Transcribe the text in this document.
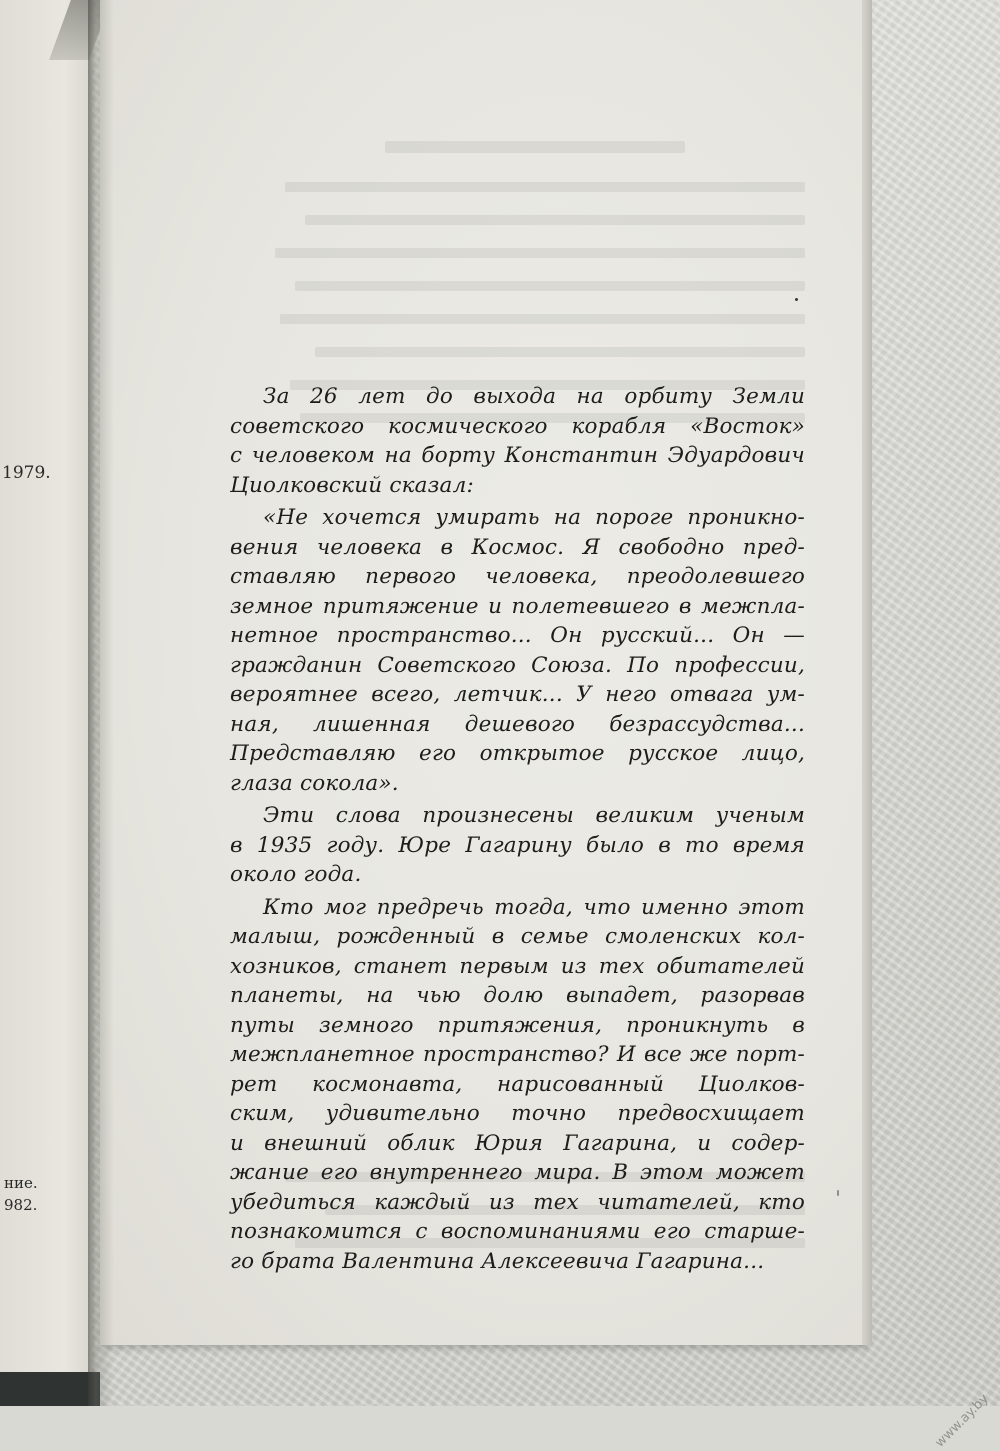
1979.
ние.
982.
За 26 лет до выхода на орбиту Земли
советского космического корабля «Восток»
с человеком на борту Константин Эдуардович
Циолковский сказал:
«Не хочется умирать на пороге проникно-
вения человека в Космос. Я свободно пред-
ставляю первого человека, преодолевшего
земное притяжение и полетевшего в межпла-
нетное пространство... Он русский... Он —
гражданин Советского Союза. По профессии,
вероятнее всего, летчик... У него отвага ум-
ная, лишенная дешевого безрассудства...
Представляю его открытое русское лицо,
глаза сокола».
Эти слова произнесены великим ученым
в 1935 году. Юре Гагарину было в то время
около года.
Кто мог предречь тогда, что именно этот
малыш, рожденный в семье смоленских кол-
хозников, станет первым из тех обитателей
планеты, на чью долю выпадет, разорвав
путы земного притяжения, проникнуть в
межпланетное пространство? И все же порт-
рет космонавта, нарисованный Циолков-
ским, удивительно точно предвосхищает
и внешний облик Юрия Гагарина, и содер-
жание его внутреннего мира. В этом может
убедиться каждый из тех читателей, кто
познакомится с воспоминаниями его старше-
го брата Валентина Алексеевича Гагарина...
www.ay.by
